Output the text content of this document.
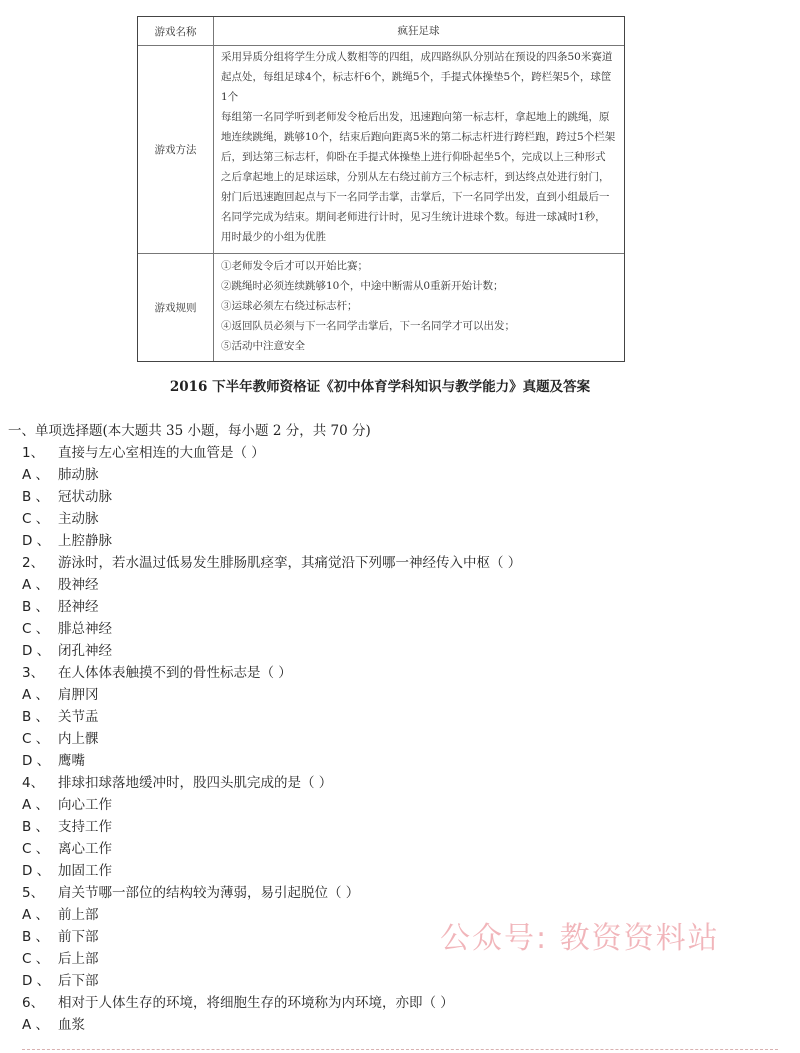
游戏名称	疯狂足球
游戏方法
采用异质分组将学生分成人数相等的四组，成四路纵队分别站在预设的四条50米赛道起点处，每组足球4个，标志杆6个，跳绳5个，手提式体操垫5个，跨栏架5个，球筐1个
每组第一名同学听到老师发令枪后出发，迅速跑向第一标志杆，拿起地上的跳绳，原地连续跳绳，跳够10个，结束后跑向距离5米的第二标志杆进行跨栏跑，跨过5个栏架后，到达第三标志杆，仰卧在手提式体操垫上进行仰卧起坐5个，完成以上三种形式之后拿起地上的足球运球，分别从左右绕过前方三个标志杆，到达终点处进行射门，射门后迅速跑回起点与下一名同学击掌，击掌后，下一名同学出发，直到小组最后一名同学完成为结束。期间老师进行计时，见习生统计进球个数。每进一球减时1秒，用时最少的小组为优胜
游戏规则
①老师发令后才可以开始比赛；
②跳绳时必须连续跳够10个，中途中断需从0重新开始计数；
③运球必须左右绕过标志杆；
④返回队员必须与下一名同学击掌后，下一名同学才可以出发；
⑤活动中注意安全
2016 下半年教师资格证《初中体育学科知识与教学能力》真题及答案
一、单项选择题(本大题共 35 小题，每小题 2 分，共 70 分)
1、 直接与左心室相连的大血管是（ ）
A 、 肺动脉
B 、 冠状动脉
C 、 主动脉
D 、 上腔静脉
2、 游泳时，若水温过低易发生腓肠肌痉挛，其痛觉沿下列哪一神经传入中枢（ ）
A 、 股神经
B 、 胫神经
C 、 腓总神经
D 、 闭孔神经
3、 在人体体表触摸不到的骨性标志是（ ）
A 、 肩胛冈
B 、 关节盂
C 、 内上髁
D 、 鹰嘴
4、 排球扣球落地缓冲时，股四头肌完成的是（ ）
A 、 向心工作
B 、 支持工作
C 、 离心工作
D 、 加固工作
5、 肩关节哪一部位的结构较为薄弱，易引起脱位（ ）
A 、 前上部
B 、 前下部
C 、 后上部
D 、 后下部
6、 相对于人体生存的环境，将细胞生存的环境称为内环境，亦即（ ）
A 、 血浆
公众号: 教资资料站
